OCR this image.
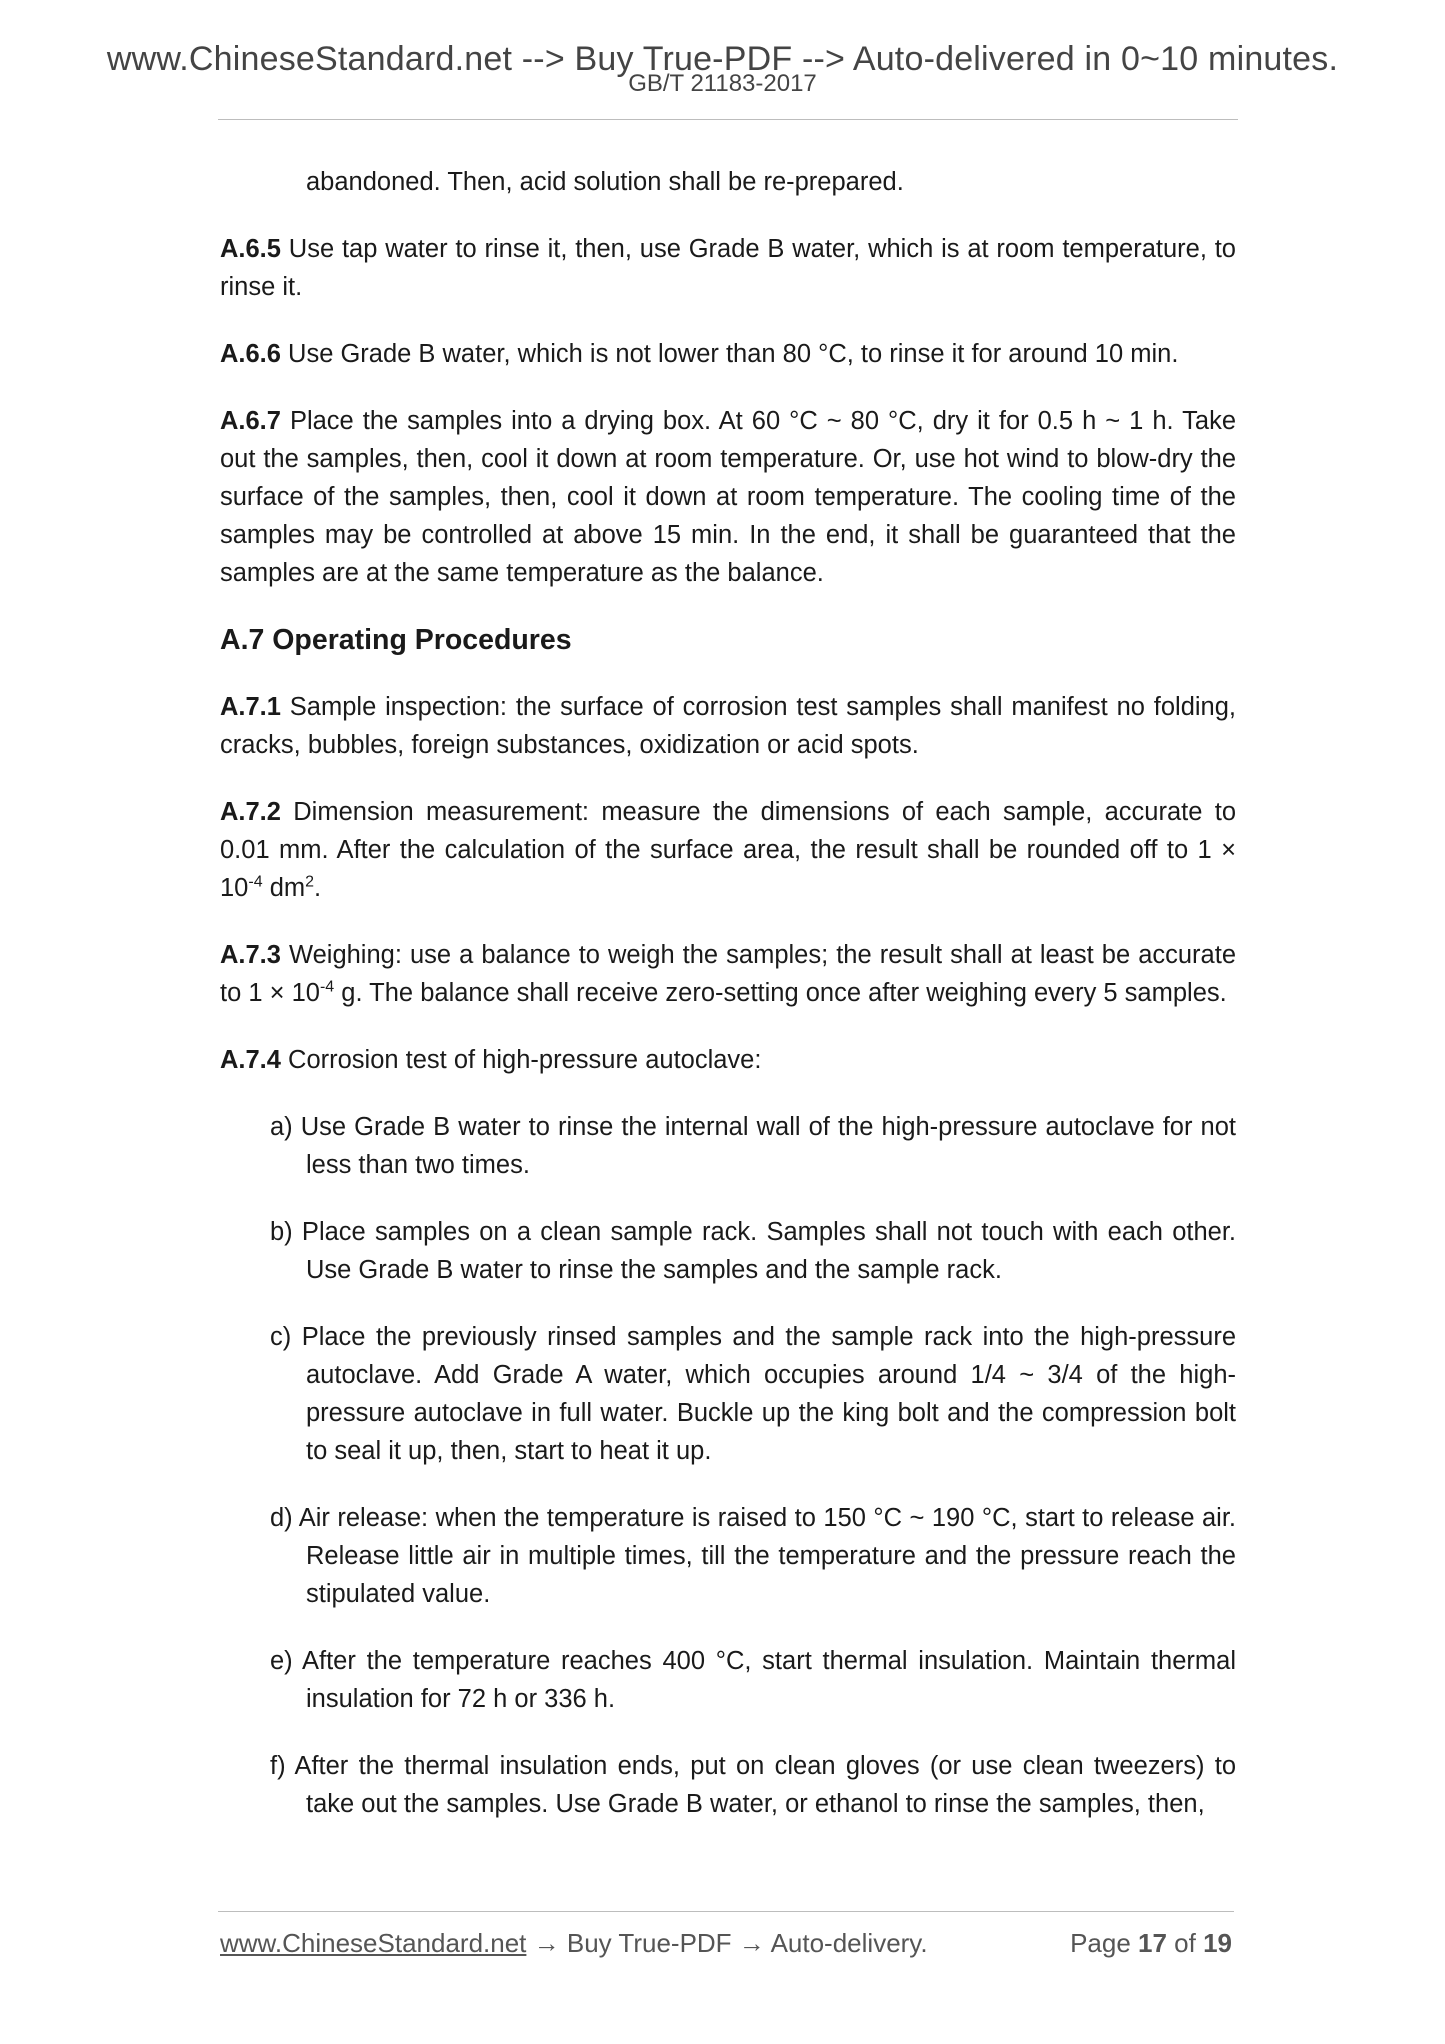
www.ChineseStandard.net --> Buy True-PDF --> Auto-delivered in 0~10 minutes.
GB/T 21183-2017

abandoned. Then, acid solution shall be re-prepared.

A.6.5 Use tap water to rinse it, then, use Grade B water, which is at room temperature, to rinse it.

A.6.6 Use Grade B water, which is not lower than 80 °C, to rinse it for around 10 min.

A.6.7 Place the samples into a drying box. At 60 °C ~ 80 °C, dry it for 0.5 h ~ 1 h. Take out the samples, then, cool it down at room temperature. Or, use hot wind to blow-dry the surface of the samples, then, cool it down at room temperature. The cooling time of the samples may be controlled at above 15 min. In the end, it shall be guaranteed that the samples are at the same temperature as the balance.

A.7 Operating Procedures

A.7.1 Sample inspection: the surface of corrosion test samples shall manifest no folding, cracks, bubbles, foreign substances, oxidization or acid spots.

A.7.2 Dimension measurement: measure the dimensions of each sample, accurate to 0.01 mm. After the calculation of the surface area, the result shall be rounded off to $1 \times 10^{-4}$ $dm^2$.

A.7.3 Weighing: use a balance to weigh the samples; the result shall at least be accurate to $1 \times 10^{-4}$ g. The balance shall receive zero-setting once after weighing every 5 samples.

A.7.4 Corrosion test of high-pressure autoclave:

a) Use Grade B water to rinse the internal wall of the high-pressure autoclave for not less than two times.

b) Place samples on a clean sample rack. Samples shall not touch with each other. Use Grade B water to rinse the samples and the sample rack.

c) Place the previously rinsed samples and the sample rack into the high-pressure autoclave. Add Grade A water, which occupies around 1/4 ~ 3/4 of the high-pressure autoclave in full water. Buckle up the king bolt and the compression bolt to seal it up, then, start to heat it up.

d) Air release: when the temperature is raised to 150 °C ~ 190 °C, start to release air. Release little air in multiple times, till the temperature and the pressure reach the stipulated value.

e) After the temperature reaches 400 °C, start thermal insulation. Maintain thermal insulation for 72 h or 336 h.

f) After the thermal insulation ends, put on clean gloves (or use clean tweezers) to take out the samples. Use Grade B water, or ethanol to rinse the samples, then,

www.ChineseStandard.net → Buy True-PDF → Auto-delivery.	Page 17 of 19
